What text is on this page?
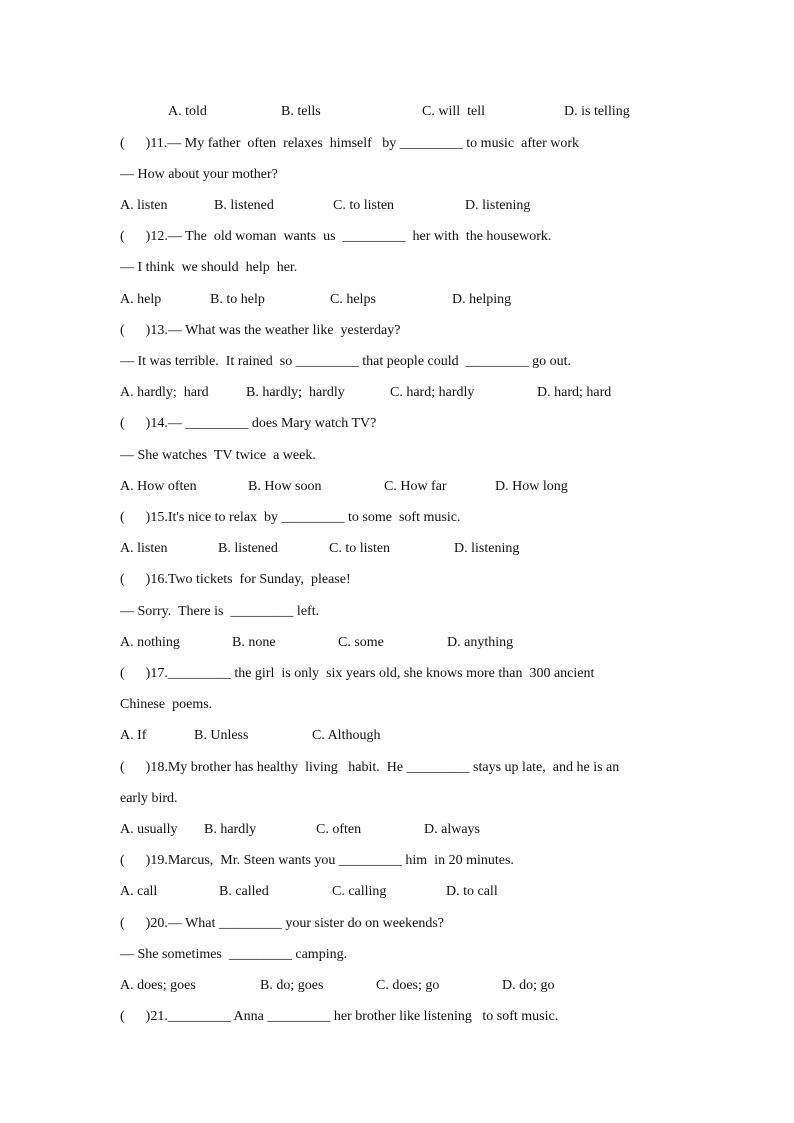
A. told	B. tells	C. will  tell	D. is telling
(      )11.— My father  often  relaxes  himself   by _________ to music  after work
— How about your mother?
A. listen	B. listened	C. to listen	D. listening
(      )12.— The  old woman  wants  us  _________  her with  the housework.
— I think  we should  help  her.
A. help	B. to help	C. helps	D. helping
(      )13.— What was the weather like  yesterday?
— It was terrible.  It rained  so _________ that people could  _________ go out.
A. hardly;  hard	B. hardly;  hardly	C. hard; hardly	D. hard; hard
(      )14.— _________ does Mary watch TV?
— She watches  TV twice  a week.
A. How often	B. How soon	C. How far	D. How long
(      )15.It's nice to relax  by _________ to some  soft music.
A. listen	B. listened	C. to listen	D. listening
(      )16.Two tickets  for Sunday,  please!
— Sorry.  There is  _________ left.
A. nothing	B. none	C. some	D. anything
(      )17._________ the girl  is only  six years old, she knows more than  300 ancient
Chinese  poems.
A. If	B. Unless	C. Although
(      )18.My brother has healthy  living   habit.  He _________ stays up late,  and he is an
early bird.
A. usually B. hardly	C. often	D. always
(      )19.Marcus,  Mr. Steen wants you _________ him  in 20 minutes.
A. call	B. called	C. calling	D. to call
(      )20.— What _________ your sister do on weekends?
— She sometimes  _________ camping.
A. does; goes	B. do; goes	C. does; go	D. do; go
(      )21._________ Anna _________ her brother like listening   to soft music.
